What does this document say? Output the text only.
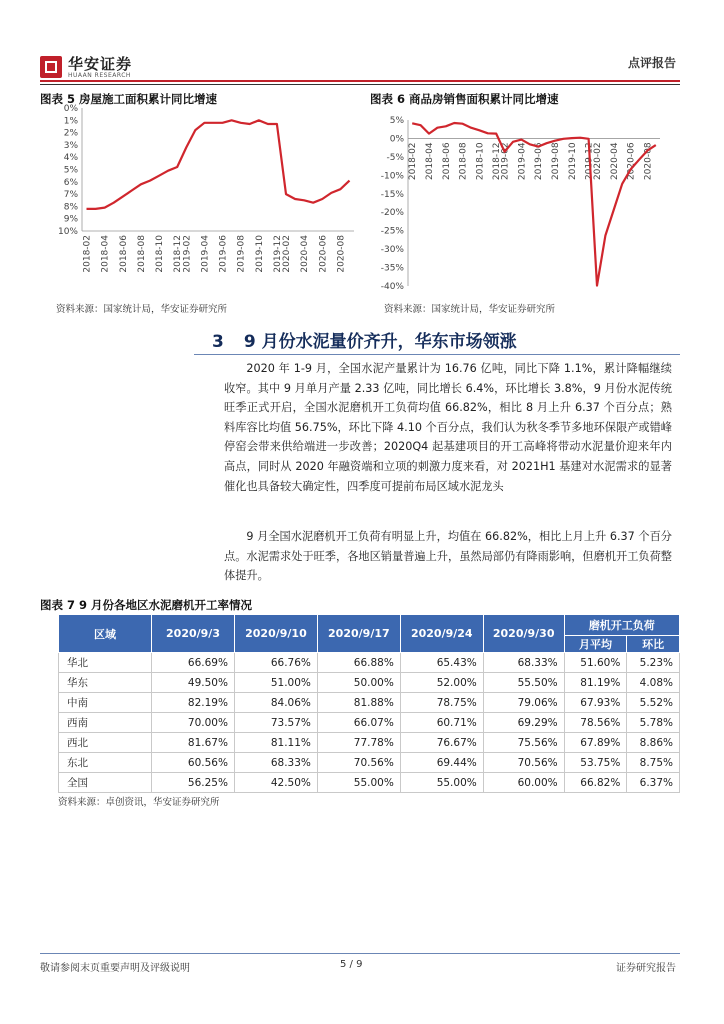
华安证券
HUAAN RESEARCH
点评报告
图表 5 房屋施工面积累计同比增速	图表 6 商品房销售面积累计同比增速
0%
1%
2%
3%
4%
5%
6%
7%
8%
9%
10%
2018-02 2018-04 2018-06 2018-08 2018-10 2018-12 2019-02 2019-04 2019-06 2019-08 2019-10 2019-12 2020-02 2020-04 2020-06 2020-08
5%
0%
-5%
-10%
-15%
-20%
-25%
-30%
-35%
-40%
2018-02 2018-04 2018-06 2018-08 2018-10 2018-12
2019-02 2019-04 2019-06 2019-08 2019-10 2019-12
2020-02 2020-04 2020-06 2020-08
资料来源：国家统计局，华安证券研究所	资料来源：国家统计局，华安证券研究所
3 9 月份水泥量价齐升，华东市场领涨

2020 年 1-9 月，全国水泥产量累计为 16.76 亿吨，同比下降 1.1%，累计降幅继续收窄。其中 9 月单月产量 2.33 亿吨，同比增长 6.4%，环比增长 3.8%，9 月份水泥传统旺季正式开启，全国水泥磨机开工负荷均值 66.82%，相比 8 月上升 6.37 个百分点；熟料库容比均值 56.75%，环比下降 4.10 个百分点，我们认为秋冬季节多地环保限产或错峰停窑会带来供给端进一步改善；2020Q4 起基建项目的开工高峰将带动水泥量价迎来年内高点，同时从 2020 年融资端和立项的刺激力度来看，对 2021H1 基建对水泥需求的显著催化也具备较大确定性，四季度可提前布局区域水泥龙头

9 月全国水泥磨机开工负荷有明显上升，均值在 66.82%，相比上月上升 6.37 个百分点。水泥需求处于旺季，各地区销量普遍上升，虽然局部仍有降雨影响，但磨机开工负荷整体提升。

图表 7 9 月份各地区水泥磨机开工率情况
区域	2020/9/3	2020/9/10	2020/9/17	2020/9/24	2020/9/30	磨机开工负荷	
						月平均	环比
华北	66.69%	66.76%	66.88%	65.43%	68.33%	51.60%	5.23%
华东	49.50%	51.00%	50.00%	52.00%	55.50%	81.19%	4.08%
中南	82.19%	84.06%	81.88%	78.75%	79.06%	67.93%	5.52%
西南	70.00%	73.57%	66.07%	60.71%	69.29%	78.56%	5.78%
西北	81.67%	81.11%	77.78%	76.67%	75.56%	67.89%	8.86%
东北	60.56%	68.33%	70.56%	69.44%	70.56%	53.75%	8.75%
全国	56.25%	42.50%	55.00%	55.00%	60.00%	66.82%	6.37%
资料来源：卓创资讯，华安证券研究所
敬请参阅末页重要声明及评级说明	5 / 9	证券研究报告
